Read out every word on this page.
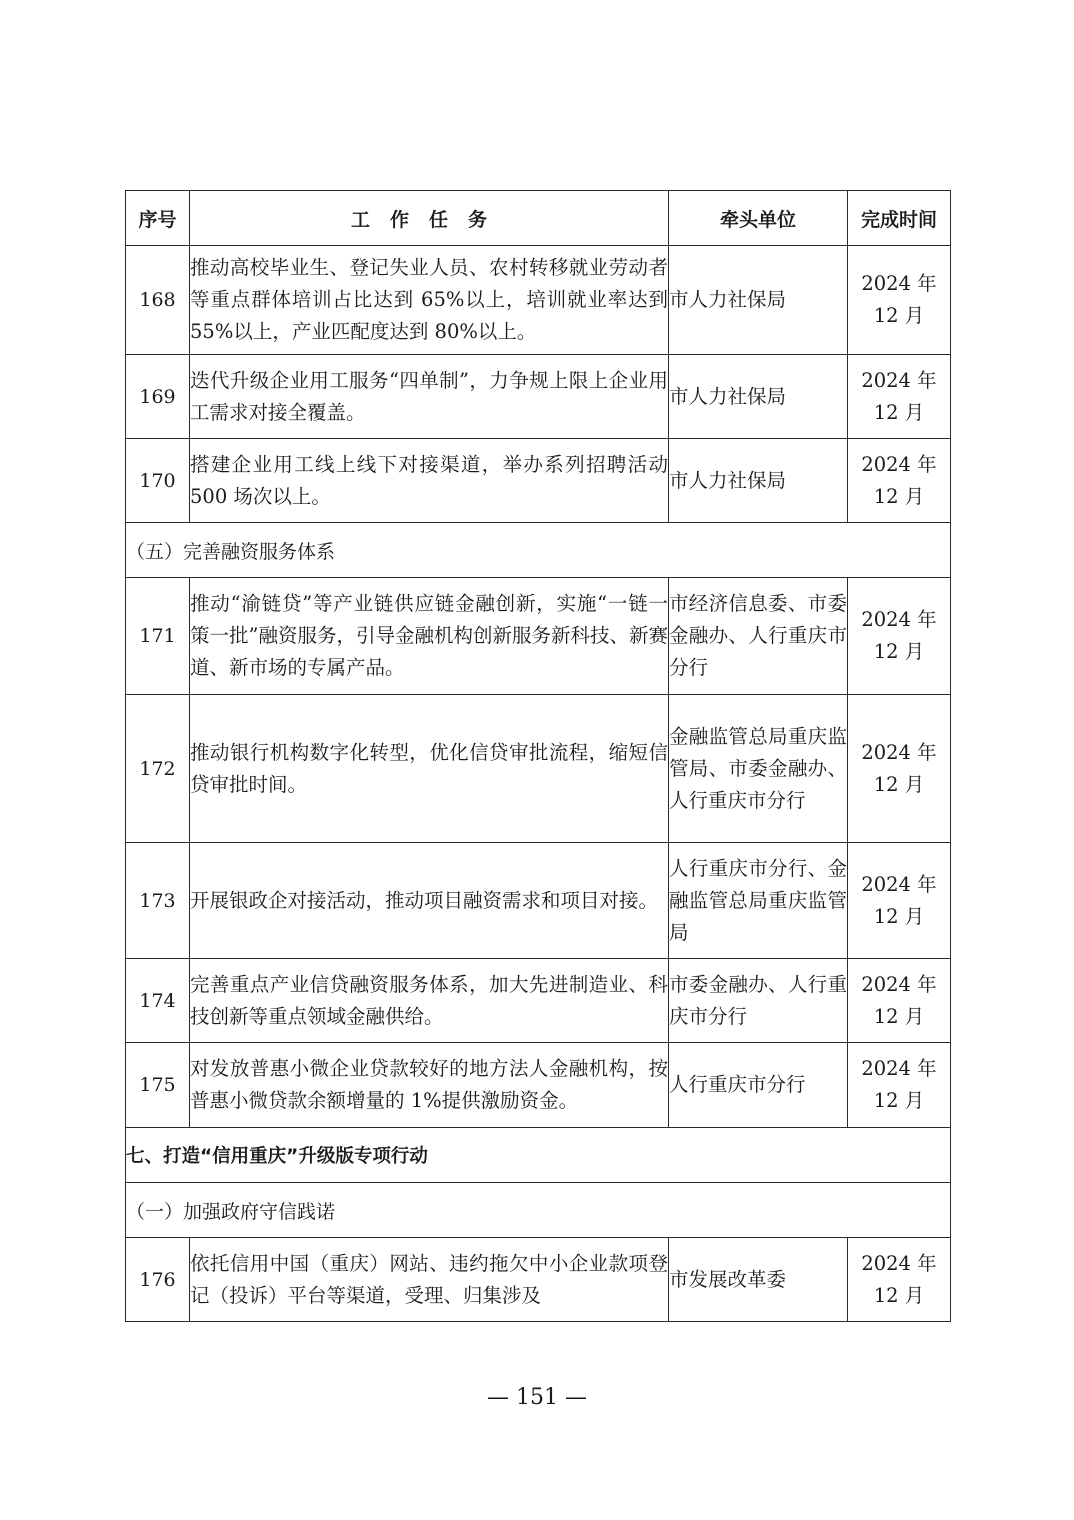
序号	工作任务	牵头单位	完成时间
168	推动高校毕业生、登记失业人员、农村转移就业劳动者等重点群体培训占比达到 65%以上，培训就业率达到 55%以上，产业匹配度达到 80%以上。	市人力社保局	2024 年
12 月
169	迭代升级企业用工服务“四单制”，力争规上限上企业用工需求对接全覆盖。	市人力社保局	2024 年
12 月
170	搭建企业用工线上线下对接渠道，举办系列招聘活动 500 场次以上。	市人力社保局	2024 年
12 月
（五）完善融资服务体系			
171	推动“渝链贷”等产业链供应链金融创新，实施“一链一策一批”融资服务，引导金融机构创新服务新科技、新赛道、新市场的专属产品。	市经济信息委、市委金融办、人行重庆市分行	2024 年
12 月
172	推动银行机构数字化转型，优化信贷审批流程，缩短信贷审批时间。	金融监管总局重庆监管局、市委金融办、人行重庆市分行	2024 年
12 月
173	开展银政企对接活动，推动项目融资需求和项目对接。	人行重庆市分行、金融监管总局重庆监管局	2024 年
12 月
174	完善重点产业信贷融资服务体系，加大先进制造业、科技创新等重点领域金融供给。	市委金融办、人行重庆市分行	2024 年
12 月
175	对发放普惠小微企业贷款较好的地方法人金融机构，按普惠小微贷款余额增量的 1%提供激励资金。	人行重庆市分行	2024 年
12 月
七、打造“信用重庆”升级版专项行动			
（一）加强政府守信践诺			
176	依托信用中国（重庆）网站、违约拖欠中小企业款项登记（投诉）平台等渠道，受理、归集涉及	市发展改革委	2024 年
12 月
— 151 —
